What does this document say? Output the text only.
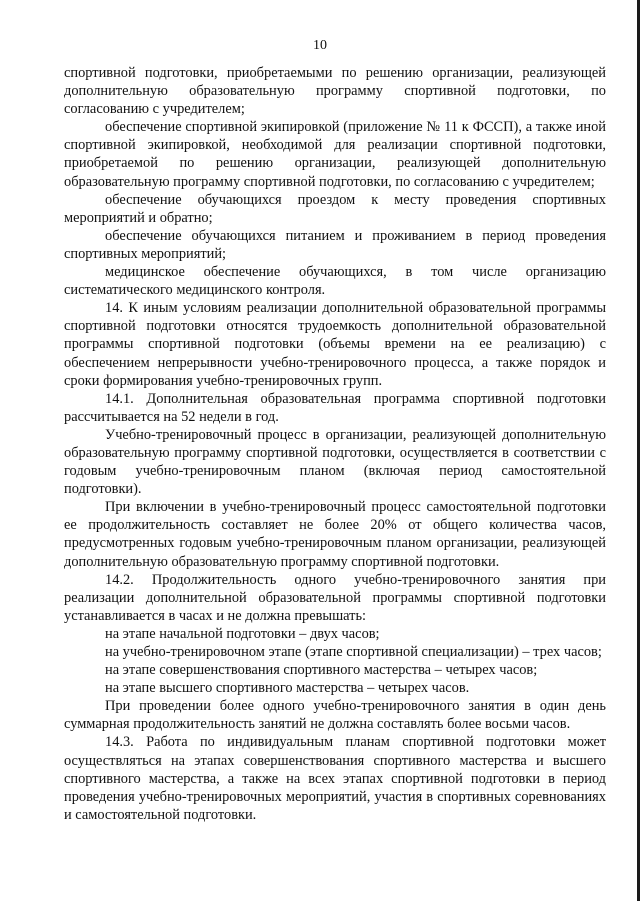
10

спортивной подготовки, приобретаемыми по решению организации, реализующей дополнительную образовательную программу спортивной подготовки, по согласованию с учредителем;

обеспечение спортивной экипировкой (приложение № 11 к ФССП), а также иной спортивной экипировкой, необходимой для реализации спортивной подготовки, приобретаемой по решению организации, реализующей дополнительную образовательную программу спортивной подготовки, по согласованию с учредителем;

обеспечение обучающихся проездом к месту проведения спортивных мероприятий и обратно;

обеспечение обучающихся питанием и проживанием в период проведения спортивных мероприятий;

медицинское обеспечение обучающихся, в том числе организацию систематического медицинского контроля.

14. К иным условиям реализации дополнительной образовательной программы спортивной подготовки относятся трудоемкость дополнительной образовательной программы спортивной подготовки (объемы времени на ее реализацию) с обеспечением непрерывности учебно-тренировочного процесса, а также порядок и сроки формирования учебно-тренировочных групп.

14.1. Дополнительная образовательная программа спортивной подготовки рассчитывается на 52 недели в год.

Учебно-тренировочный процесс в организации, реализующей дополнительную образовательную программу спортивной подготовки, осуществляется в соответствии с годовым учебно-тренировочным планом (включая период самостоятельной подготовки).

При включении в учебно-тренировочный процесс самостоятельной подготовки ее продолжительность составляет не более 20% от общего количества часов, предусмотренных годовым учебно-тренировочным планом организации, реализующей дополнительную образовательную программу спортивной подготовки.

14.2. Продолжительность одного учебно-тренировочного занятия при реализации дополнительной образовательной программы спортивной подготовки устанавливается в часах и не должна превышать:

на этапе начальной подготовки – двух часов;

на учебно-тренировочном этапе (этапе спортивной специализации) – трех часов;

на этапе совершенствования спортивного мастерства – четырех часов;

на этапе высшего спортивного мастерства – четырех часов.

При проведении более одного учебно-тренировочного занятия в один день суммарная продолжительность занятий не должна составлять более восьми часов.

14.3. Работа по индивидуальным планам спортивной подготовки может осуществляться на этапах совершенствования спортивного мастерства и высшего спортивного мастерства, а также на всех этапах спортивной подготовки в период проведения учебно-тренировочных мероприятий, участия в спортивных соревнованиях и самостоятельной подготовки.
